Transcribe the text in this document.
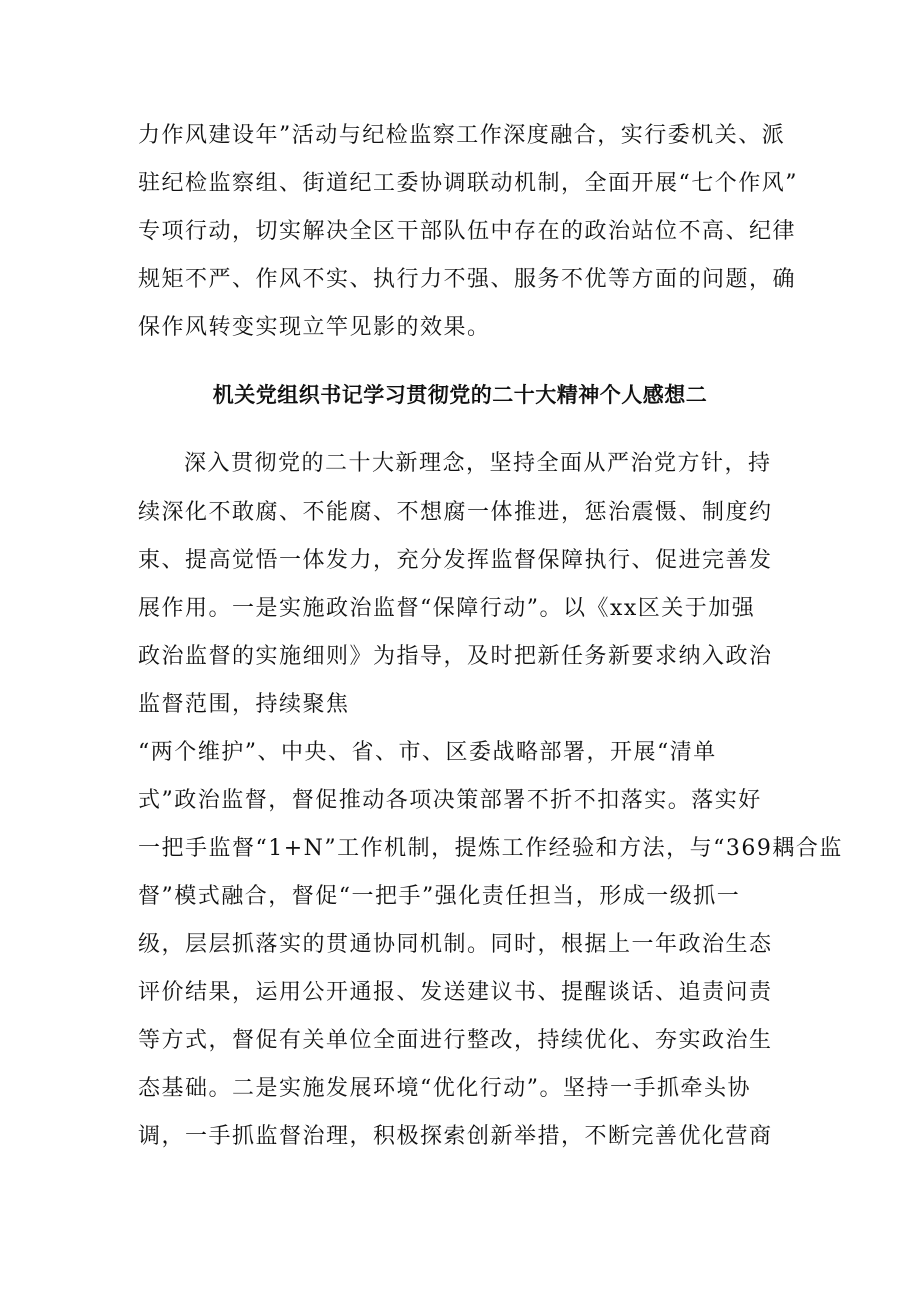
力作风建设年”活动与纪检监察工作深度融合，实行委机关、派

驻纪检监察组、街道纪工委协调联动机制，全面开展“七个作风”

专项行动，切实解决全区干部队伍中存在的政治站位不高、纪律

规矩不严、作风不实、执行力不强、服务不优等方面的问题，确

保作风转变实现立竿见影的效果。

机关党组织书记学习贯彻党的二十大精神个人感想二

深入贯彻党的二十大新理念，坚持全面从严治党方针，持

续深化不敢腐、不能腐、不想腐一体推进，惩治震慑、制度约

束、提高觉悟一体发力，充分发挥监督保障执行、促进完善发

展作用。一是实施政治监督“保障行动”。以《xx区关于加强

政治监督的实施细则》为指导，及时把新任务新要求纳入政治

监督范围，持续聚焦

“两个维护”、中央、省、市、区委战略部署，开展“清单

式”政治监督，督促推动各项决策部署不折不扣落实。落实好

一把手监督“1+N”工作机制，提炼工作经验和方法，与“369耦合监

督”模式融合，督促“一把手”强化责任担当，形成一级抓一

级，层层抓落实的贯通协同机制。同时，根据上一年政治生态

评价结果，运用公开通报、发送建议书、提醒谈话、追责问责

等方式，督促有关单位全面进行整改，持续优化、夯实政治生

态基础。二是实施发展环境“优化行动”。坚持一手抓牵头协

调，一手抓监督治理，积极探索创新举措，不断完善优化营商
